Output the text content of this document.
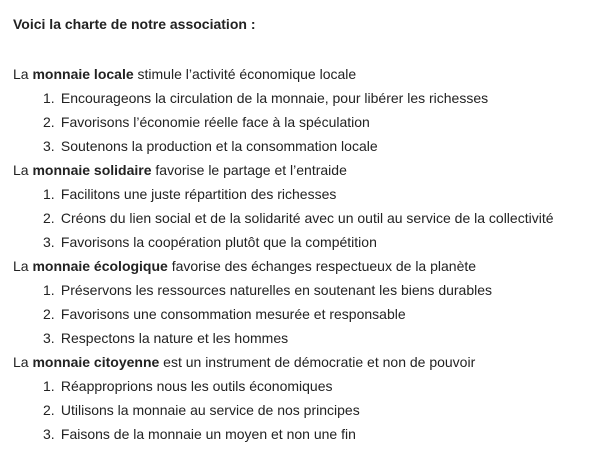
Voici la charte de notre association :
La monnaie locale stimule l’activité économique locale
1. Encourageons la circulation de la monnaie, pour libérer les richesses
2. Favorisons l’économie réelle face à la spéculation
3. Soutenons la production et la consommation locale
La monnaie solidaire favorise le partage et l’entraide
1. Facilitons une juste répartition des richesses
2. Créons du lien social et de la solidarité avec un outil au service de la collectivité
3. Favorisons la coopération plutôt que la compétition
La monnaie écologique favorise des échanges respectueux de la planète
1. Préservons les ressources naturelles en soutenant les biens durables
2. Favorisons une consommation mesurée et responsable
3. Respectons la nature et les hommes
La monnaie citoyenne est un instrument de démocratie et non de pouvoir
1. Réapproprions nous les outils économiques
2. Utilisons la monnaie au service de nos principes
3. Faisons de la monnaie un moyen et non une fin
